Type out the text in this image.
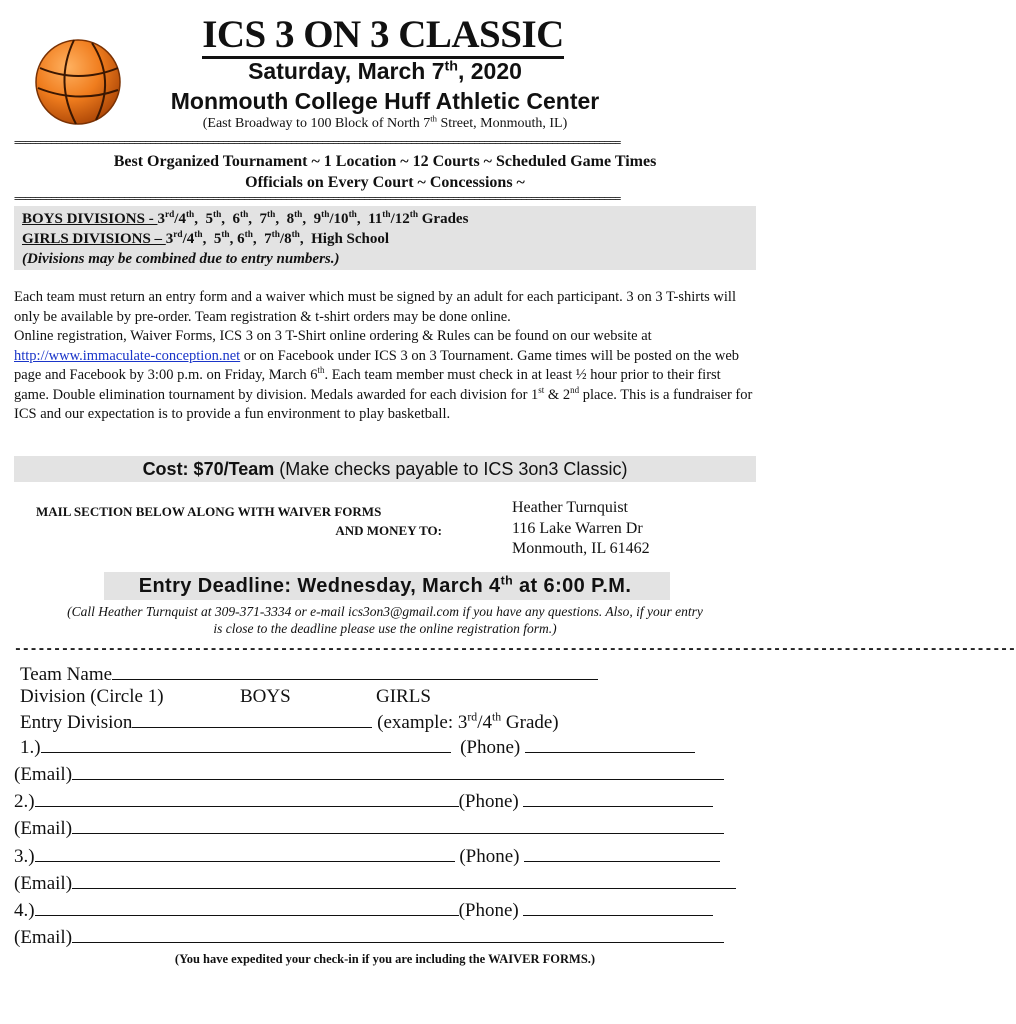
ICS 3 ON 3 CLASSIC
Saturday, March 7th, 2020
Monmouth College Huff Athletic Center
(East Broadway to 100 Block of North 7th Street, Monmouth, IL)
====================================================================================================================
Best Organized Tournament ~ 1 Location ~ 12 Courts ~ Scheduled Game Times
Officials on Every Court ~ Concessions ~
====================================================================================================================
BOYS DIVISIONS - 3rd/4th,  5th,  6th,  7th,  8th,  9th/10th,  11th/12th Grades
GIRLS DIVISIONS – 3rd/4th,  5th, 6th,  7th/8th,  High School
(Divisions may be combined due to entry numbers.)
Each team must return an entry form and a waiver which must be signed by an adult for each participant. 3 on 3 T-shirts will only be available by pre-order. Team registration & t-shirt orders may be done online.
Online registration, Waiver Forms, ICS 3 on 3 T-Shirt online ordering & Rules can be found on our website at http://www.immaculate-conception.net or on Facebook under ICS 3 on 3 Tournament. Game times will be posted on the web page and Facebook by 3:00 p.m. on Friday, March 6th. Each team member must check in at least ½ hour prior to their first game. Double elimination tournament by division. Medals awarded for each division for 1st & 2nd place. This is a fundraiser for ICS and our expectation is to provide a fun environment to play basketball.
Cost: $70/Team (Make checks payable to ICS 3on3 Classic)
MAIL SECTION BELOW ALONG WITH WAIVER FORMS
AND MONEY TO:
Heather Turnquist
116 Lake Warren Dr
Monmouth, IL 61462
Entry Deadline: Wednesday, March 4th at 6:00 P.M.
(Call Heather Turnquist at 309-371-3334 or e-mail ics3on3@gmail.com if you have any questions. Also, if your entry
is close to the deadline please use the online registration form.)
--------------------------------------------------------------------------------------------------------------------------------
Team Name
Division (Circle 1)	BOYS	GIRLS
Entry Division	(example: 3rd/4th Grade)
1.)	(Phone)
(Email)
2.)	(Phone)
(Email)
3.)	(Phone)
(Email)
4.)	(Phone)
(Email)
(You have expedited your check-in if you are including the WAIVER FORMS.)
